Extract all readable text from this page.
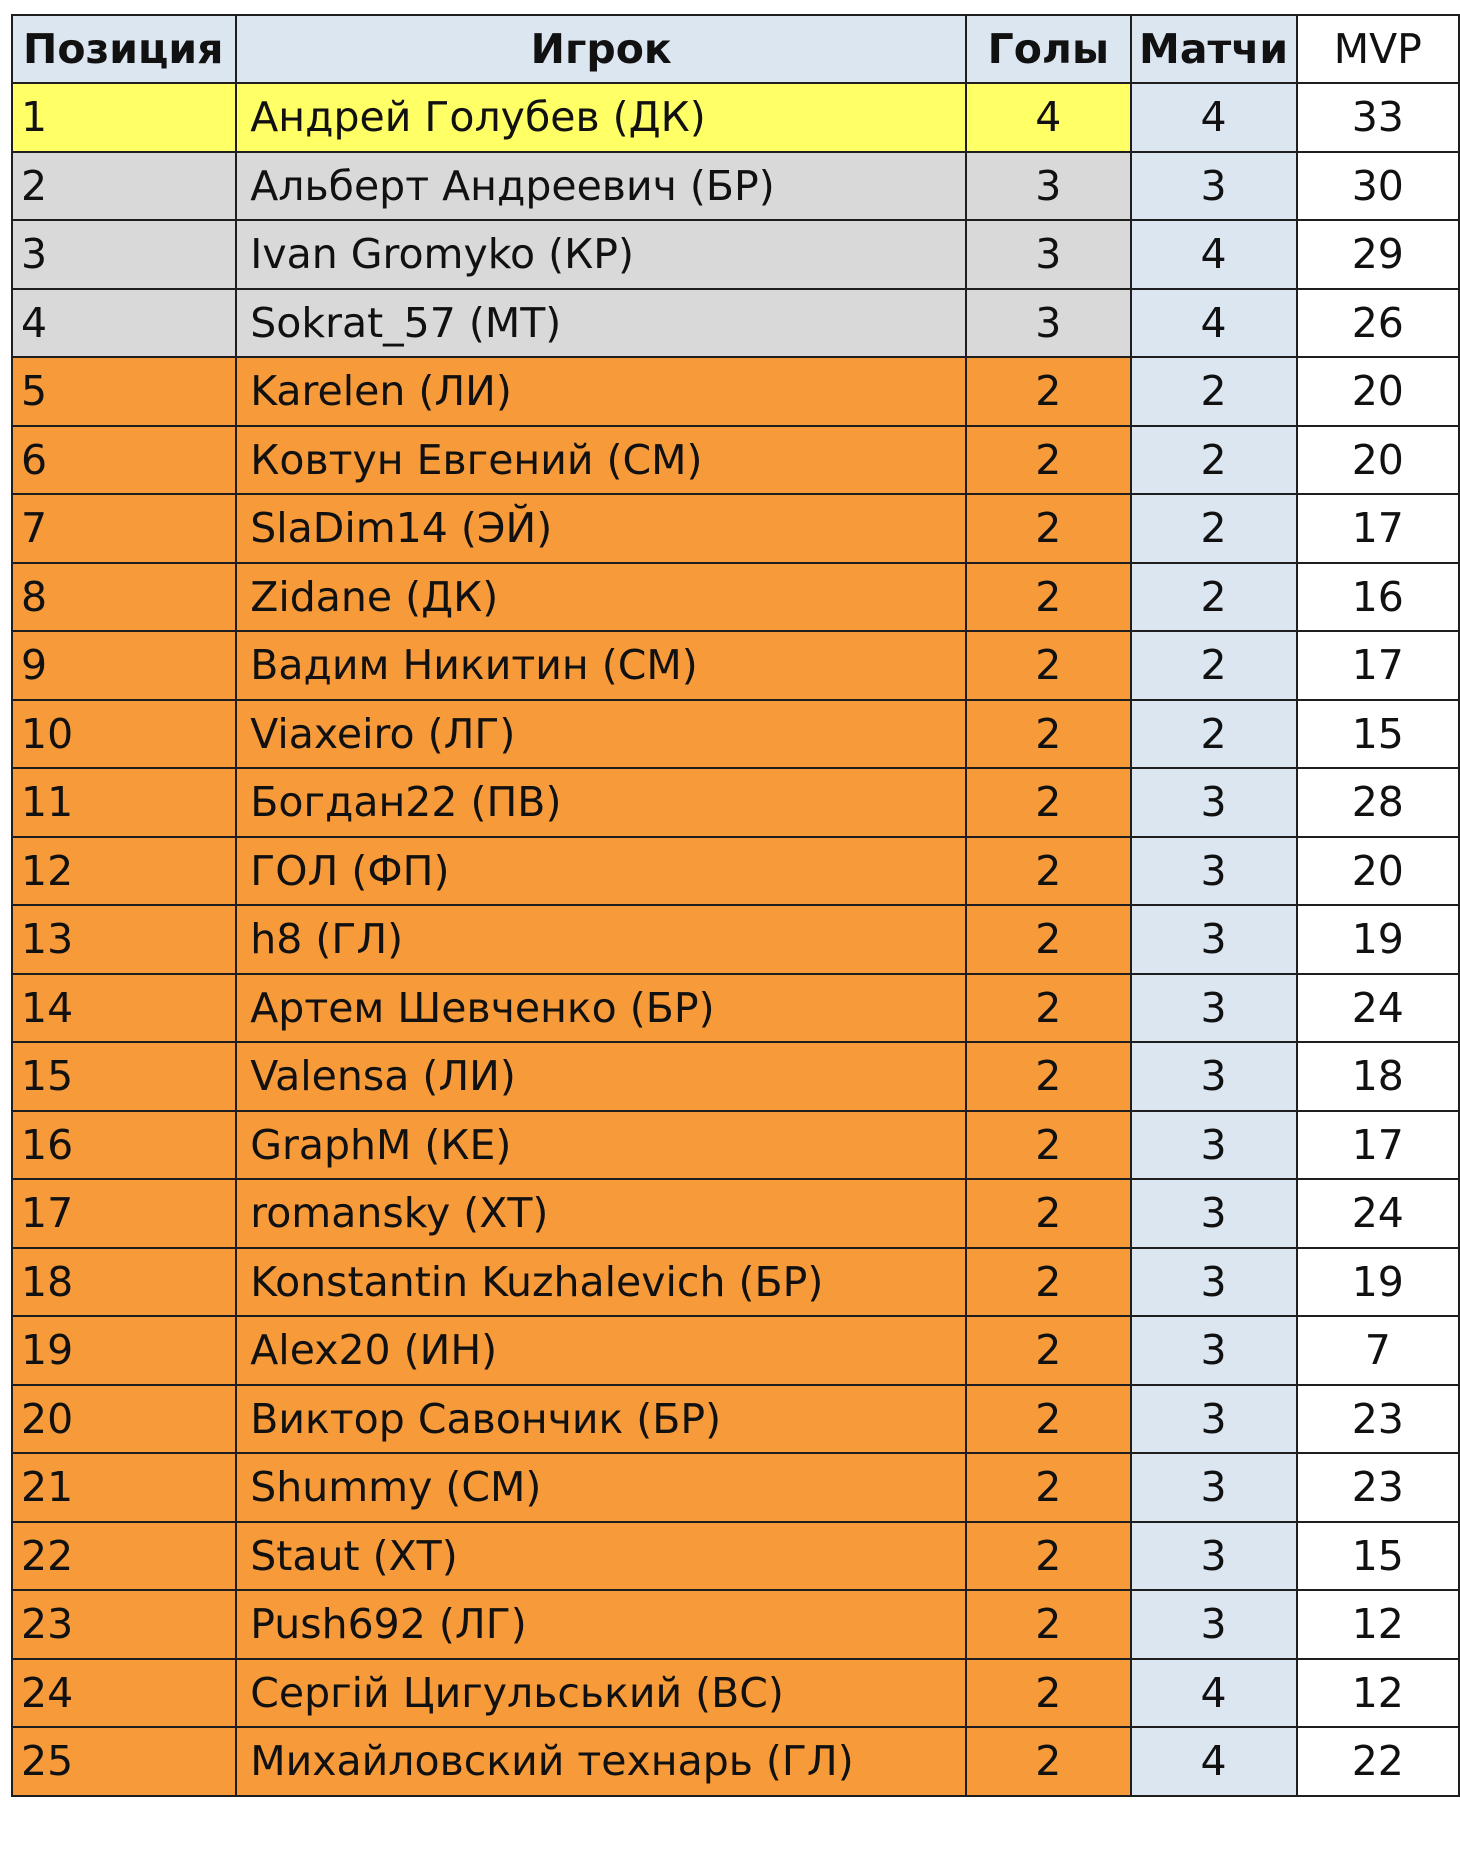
Позиция	Игрок	Голы	Матчи	MVP
1	Андрей Голубев (ДК)	4	4	33
2	Альберт Андреевич (БР)	3	3	30
3	Ivan Gromyko (КР)	3	4	29
4	Sokrat_57 (МТ)	3	4	26
5	Karelen (ЛИ)	2	2	20
6	Ковтун Евгений (СМ)	2	2	20
7	SlaDim14 (ЭЙ)	2	2	17
8	Zidane (ДК)	2	2	16
9	Вадим Никитин (СМ)	2	2	17
10	Viaxeiro (ЛГ)	2	2	15
11	Богдан22 (ПВ)	2	3	28
12	ГОЛ (ФП)	2	3	20
13	h8 (ГЛ)	2	3	19
14	Артем Шевченко (БР)	2	3	24
15	Valensa (ЛИ)	2	3	18
16	GraphM (КЕ)	2	3	17
17	romansky (ХТ)	2	3	24
18	Konstantin Kuzhalevich (БР)	2	3	19
19	Alex20 (ИН)	2	3	7
20	Виктор Савончик (БР)	2	3	23
21	Shummy (СМ)	2	3	23
22	Staut (ХТ)	2	3	15
23	Push692 (ЛГ)	2	3	12
24	Сергій Цигульський (ВС)	2	4	12
25	Михайловский технарь (ГЛ)	2	4	22
